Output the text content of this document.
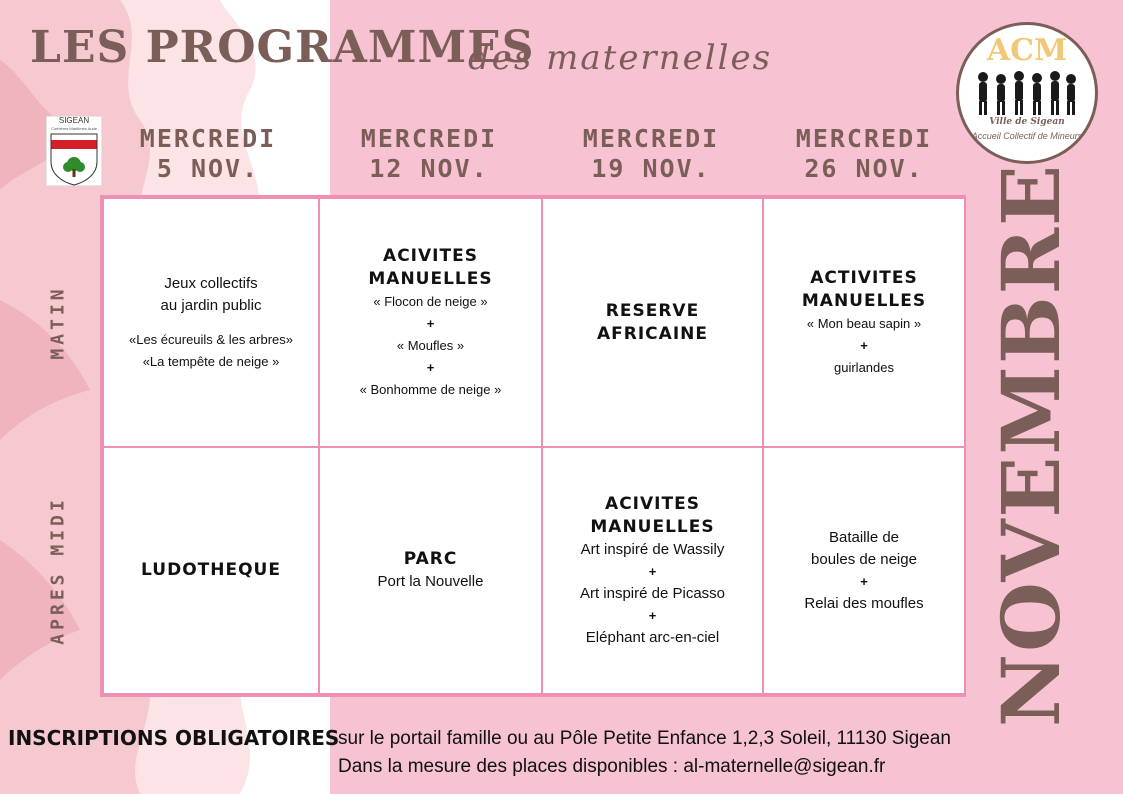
LES PROGRAMMES
des maternelles
SIGEAN
Corbières Maritimes Aude
ACM
Ville de Sigean
Accueil Collectif de Mineurs
MERCREDI
5 NOV.
MERCREDI
12 NOV.
MERCREDI
19 NOV.
MERCREDI
26 NOV.
MATIN
APRES MIDI
Jeux collectifs
au jardin public
«Les écureuils & les arbres»
«La tempête de neige »
ACIVITES
MANUELLES
« Flocon de neige »
+
« Moufles »
+
« Bonhomme de neige »
RESERVE
AFRICAINE
ACTIVITES
MANUELLES
« Mon beau sapin »
+
guirlandes
LUDOTHEQUE
PARC
Port la Nouvelle
ACIVITES
MANUELLES
Art inspiré de Wassily
+
Art inspiré de Picasso
+
Eléphant arc-en-ciel
Bataille de
boules de neige
+
Relai des moufles NOVEMBRE
INSCRIPTIONS OBLIGATOIRES
sur le portail famille ou au Pôle Petite Enfance 1,2,3 Soleil, 11130 Sigean
Dans la mesure des places disponibles : al-maternelle@sigean.fr
